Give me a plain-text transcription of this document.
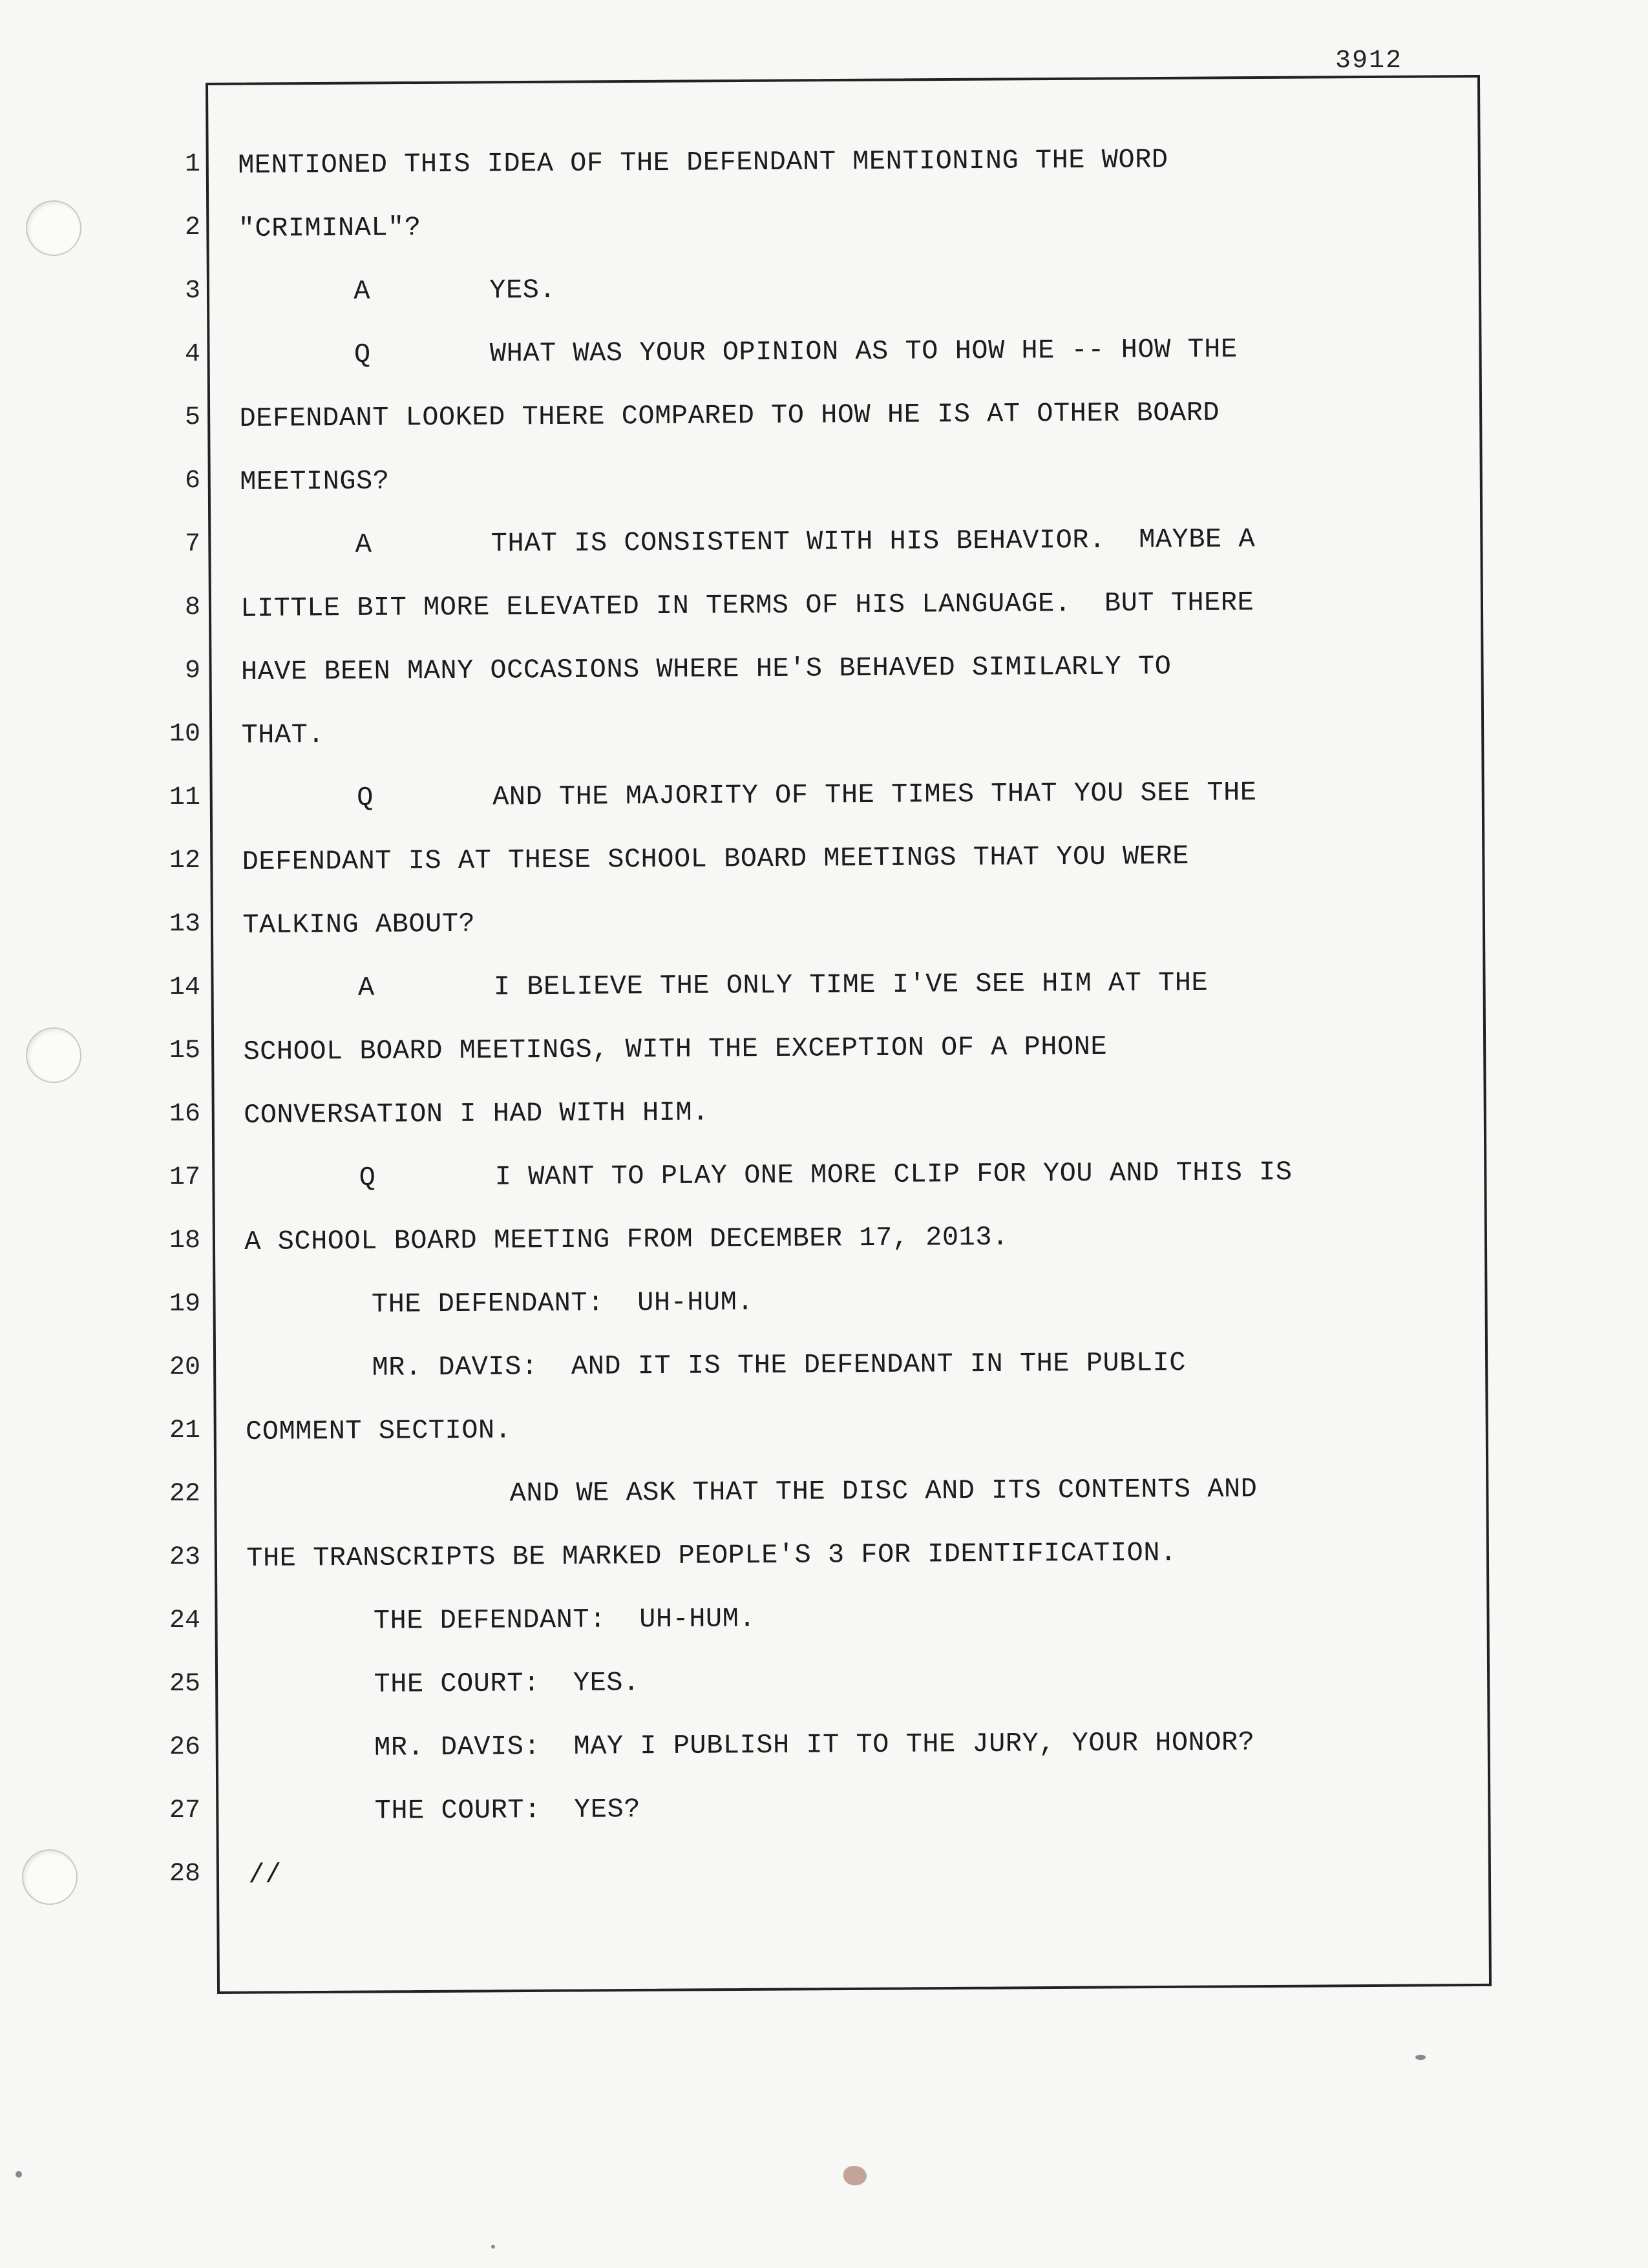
3912
1
2
3
4
5
6
7
8
9
10
11
12
13
14
15
16
17
18
19
20
21
22
23
24
25
26
27
28
MENTIONED THIS IDEA OF THE DEFENDANT MENTIONING THE WORD
"CRIMINAL"?
A	YES.
Q	WHAT WAS YOUR OPINION AS TO HOW HE -- HOW THE
DEFENDANT LOOKED THERE COMPARED TO HOW HE IS AT OTHER BOARD
MEETINGS?
A	THAT IS CONSISTENT WITH HIS BEHAVIOR.  MAYBE A
LITTLE BIT MORE ELEVATED IN TERMS OF HIS LANGUAGE.  BUT THERE
HAVE BEEN MANY OCCASIONS WHERE HE'S BEHAVED SIMILARLY TO
THAT.
Q	AND THE MAJORITY OF THE TIMES THAT YOU SEE THE
DEFENDANT IS AT THESE SCHOOL BOARD MEETINGS THAT YOU WERE
TALKING ABOUT?
A	I BELIEVE THE ONLY TIME I'VE SEE HIM AT THE
SCHOOL BOARD MEETINGS, WITH THE EXCEPTION OF A PHONE
CONVERSATION I HAD WITH HIM.
Q	I WANT TO PLAY ONE MORE CLIP FOR YOU AND THIS IS
A SCHOOL BOARD MEETING FROM DECEMBER 17, 2013.
THE DEFENDANT:  UH-HUM.
MR. DAVIS:  AND IT IS THE DEFENDANT IN THE PUBLIC
COMMENT SECTION.
AND WE ASK THAT THE DISC AND ITS CONTENTS AND
THE TRANSCRIPTS BE MARKED PEOPLE'S 3 FOR IDENTIFICATION.
THE DEFENDANT:  UH-HUM.
THE COURT:  YES.
MR. DAVIS:  MAY I PUBLISH IT TO THE JURY, YOUR HONOR?
THE COURT:  YES?
//
